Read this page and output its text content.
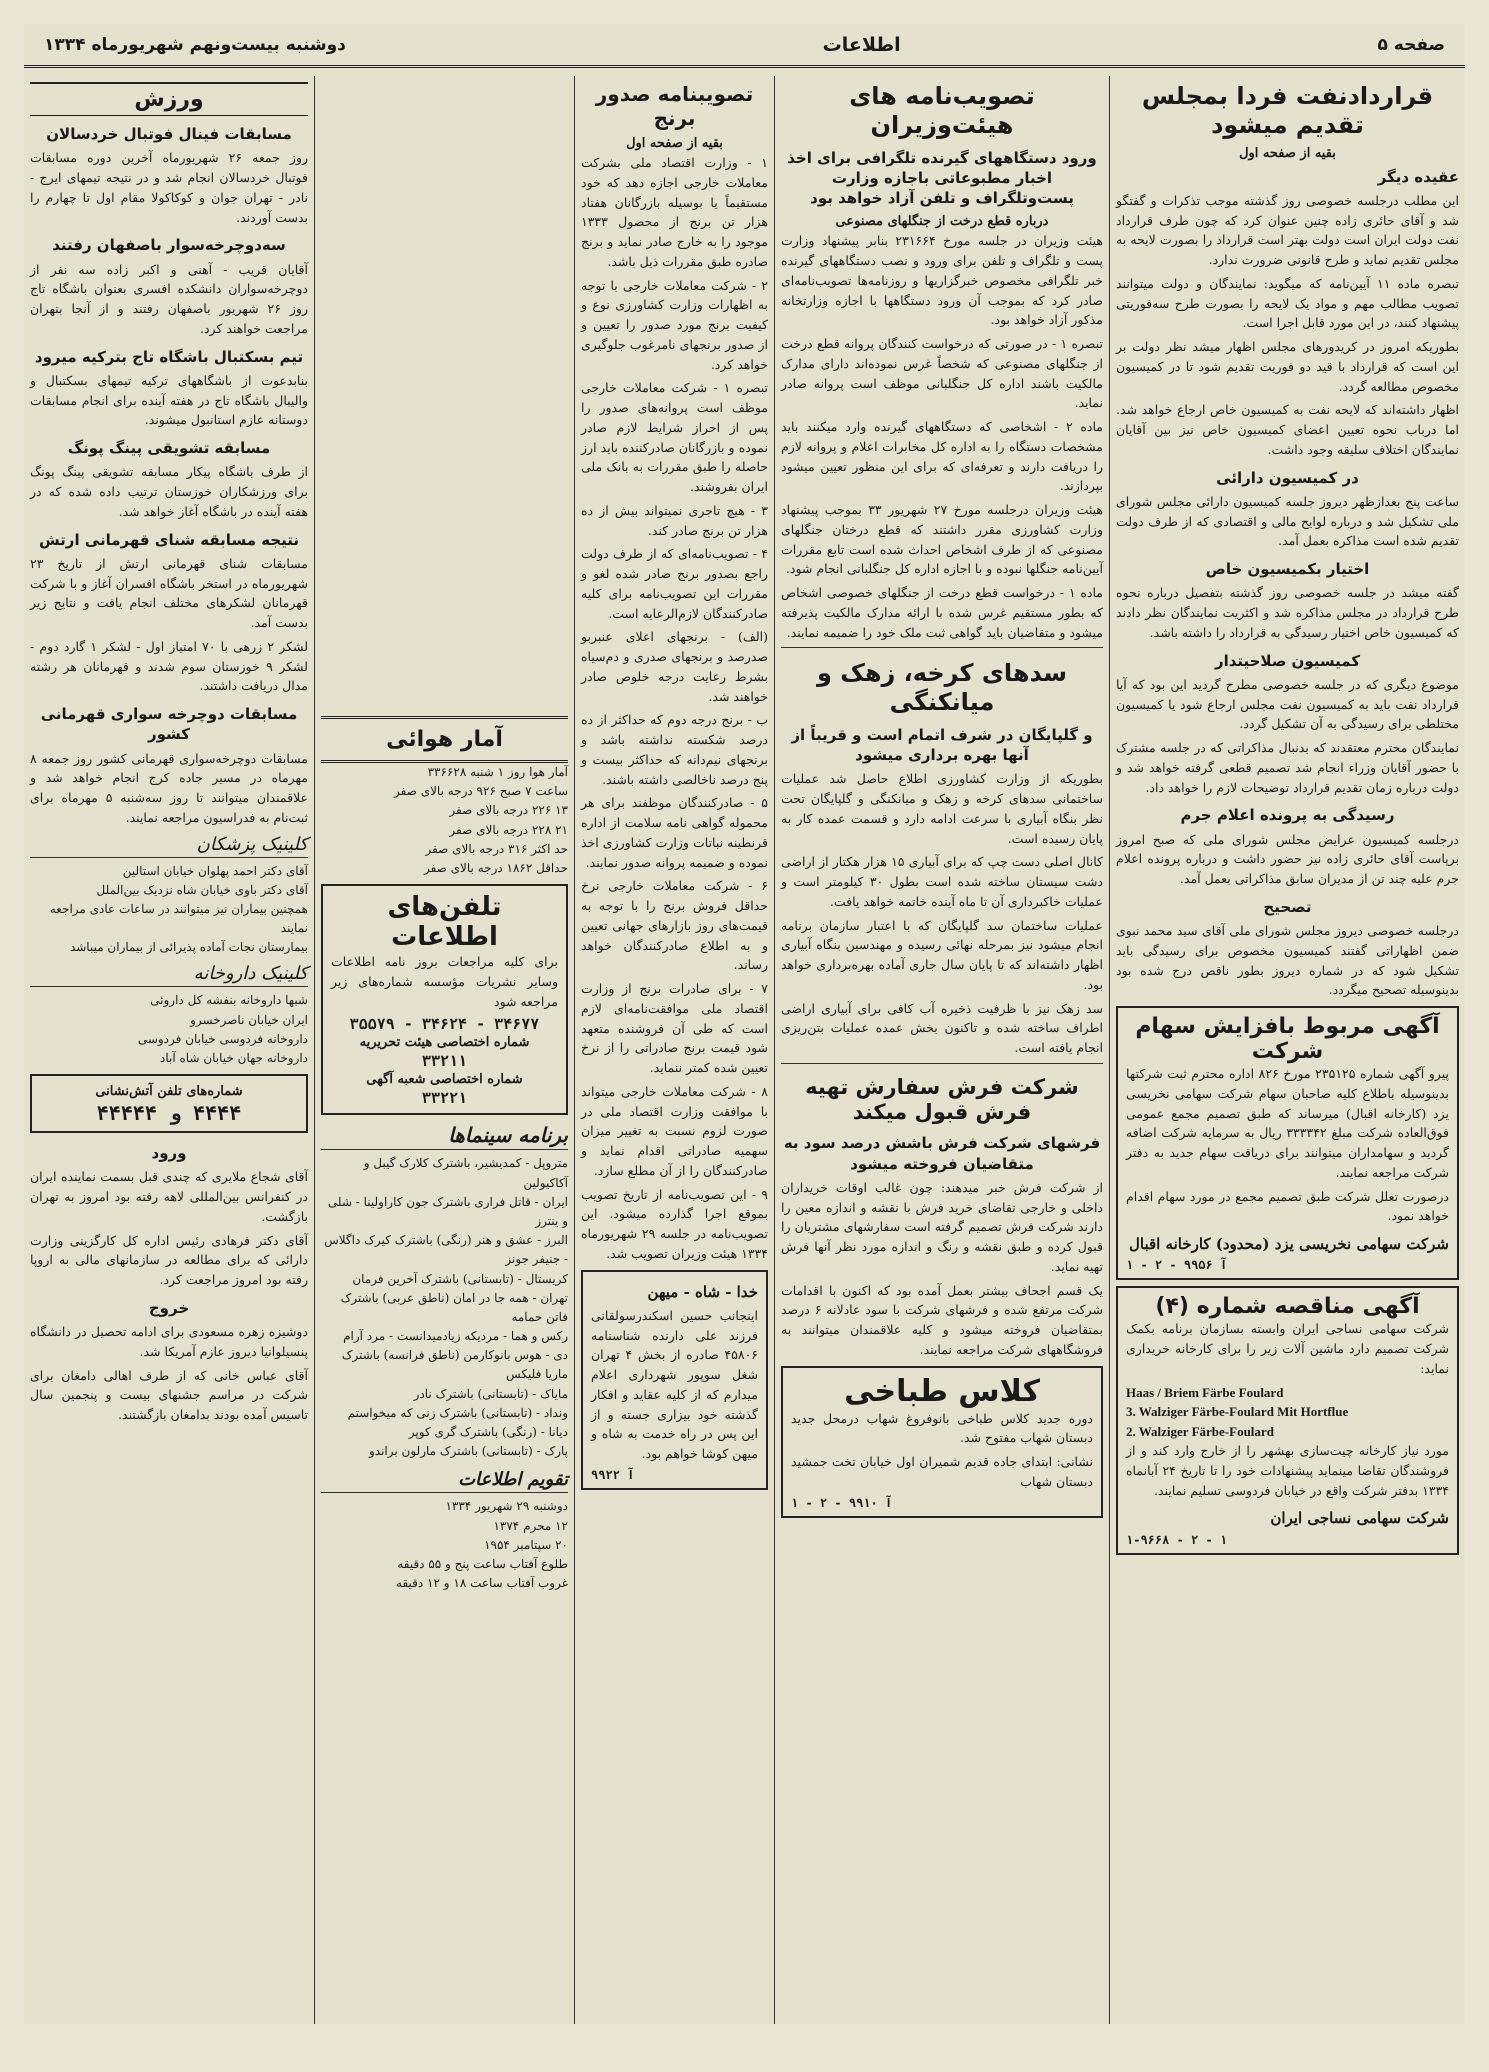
صفحه ۵
اطلاعات
دوشنبه بیست‌ونهم شهریورماه ۱۳۳۴
قراردادنفت فردا بمجلس تقدیم میشود
بقیه از صفحه اول
عقیده دیگر

این مطلب درجلسه خصوصی روز گذشته موجب تذکرات و گفتگو شد و آقای حائری زاده چنین عنوان کرد که چون طرف قرارداد نفت دولت ایران است دولت بهتر است قرارداد را بصورت لایحه به مجلس تقدیم نماید و طرح قانونی ضرورت ندارد.

تبصره ماده ۱۱ آیین‌نامه که میگوید: نمایندگان و دولت میتوانند تصویب مطالب مهم و مواد یک لایحه را بصورت طرح سه‌فوریتی پیشنهاد کنند، در این مورد قابل اجرا است.

بطوریکه امروز در کریدورهای مجلس اظهار میشد نظر دولت بر این است که قرارداد با قید دو فوریت تقدیم شود تا در کمیسیون مخصوص مطالعه گردد.

اظهار داشته‌اند که لایحه نفت به کمیسیون خاص ارجاع خواهد شد. اما درباب نحوه تعیین اعضای کمیسیون خاص نیز بین آقایان نمایندگان اختلاف سلیقه وجود داشت.

در کمیسیون دارائی

ساعت پنج بعدازظهر دیروز جلسه کمیسیون دارائی مجلس شورای ملی تشکیل شد و درباره لوایح مالی و اقتصادی که از طرف دولت تقدیم شده است مذاکره بعمل آمد.

اختیار بکمیسیون خاص

گفته میشد در جلسه خصوصی روز گذشته بتفصیل درباره نحوه طرح قرارداد در مجلس مذاکره شد و اکثریت نمایندگان نظر دادند که کمیسیون خاص اختیار رسیدگی به قرارداد را داشته باشد.

کمیسیون صلاحیتدار

موضوع دیگری که در جلسه خصوصی مطرح گردید این بود که آیا قرارداد نفت باید به کمیسیون نفت مجلس ارجاع شود یا کمیسیون مختلطی برای رسیدگی به آن تشکیل گردد.

نمایندگان محترم معتقدند که بدنبال مذاکراتی که در جلسه مشترک با حضور آقایان وزراء انجام شد تصمیم قطعی گرفته خواهد شد و دولت درباره زمان تقدیم قرارداد توضیحات لازم را خواهد داد.

رسیدگی به پرونده اعلام جرم

درجلسه کمیسیون عرایض مجلس شورای ملی که صبح امروز برپاست آقای حائری زاده نیز حضور داشت و درباره پرونده اعلام جرم علیه چند تن از مدیران سابق مذاکراتی بعمل آمد.

تصحیح

درجلسه خصوصی دیروز مجلس شورای ملی آقای سید محمد نبوی ضمن اظهاراتی گفتند کمیسیون مخصوص برای رسیدگی باید تشکیل شود که در شماره دیروز بطور ناقص درج شده بود بدینوسیله تصحیح میگردد.

آگهی مربوط بافزایش سهام شرکت

پیرو آگهی شماره ۲۳۵۱۲۵ مورخ ۸۲۶ اداره محترم ثبت شرکتها بدینوسیله باطلاع کلیه صاحبان سهام شرکت سهامی نخریسی یزد (کارخانه اقبال) میرساند که طبق تصمیم مجمع عمومی فوق‌العاده شرکت مبلغ ۳۳۳۳۴۲ ریال به سرمایه شرکت اضافه گردید و سهامداران میتوانند برای دریافت سهام جدید به دفتر شرکت مراجعه نمایند.

درصورت تعلل شرکت طبق تصمیم مجمع در مورد سهام اقدام خواهد نمود.

شرکت سهامی نخریسی یزد (محدود) کارخانه اقبال
آ ۹۹۵۶ - ۲ - ۱
آگهی مناقصه شماره (۴)

شرکت سهامی نساجی ایران وابسته بسازمان برنامه بکمک شرکت تصمیم دارد ماشین آلات زیر را برای کارخانه خریداری نماید:

Haas / Briem Färbe Foulard
3. Walziger Färbe-Foulard Mit Hortflue
2. Walziger Färbe-Foulard

مورد نیاز کارخانه چیت‌سازی بهشهر را از خارج وارد کند و از فروشندگان تقاضا مینماید پیشنهادات خود را تا تاریخ ۲۴ آبانماه ۱۳۳۴ بدفتر شرکت واقع در خیابان فردوسی تسلیم نمایند.

شرکت سهامی نساجی ایران
۱-۹۶۶۸ - ۲ - ۱
تصویب‌نامه های هیئت‌وزیران
ورود دستگاههای گیرنده تلگرافی برای اخذ اخبار مطبوعاتی باجازه وزارت پست‌وتلگراف و تلفن آزاد خواهد بود
درباره قطع درخت از جنگلهای مصنوعی

هیئت وزیران در جلسه مورخ ۲۳۱۶۶۴ بنابر پیشنهاد وزارت پست و تلگراف و تلفن برای ورود و نصب دستگاههای گیرنده خبر تلگرافی مخصوص خبرگزاریها و روزنامه‌ها تصویب‌نامه‌ای صادر کرد که بموجب آن ورود دستگاهها با اجازه وزارتخانه مذکور آزاد خواهد بود.

تبصره ۱ - در صورتی که درخواست کنندگان پروانه قطع درخت از جنگلهای مصنوعی که شخصاً غرس نموده‌اند دارای مدارک مالکیت باشند اداره کل جنگلبانی موظف است پروانه صادر نماید.

ماده ۲ - اشخاصی که دستگاههای گیرنده وارد میکنند باید مشخصات دستگاه را به اداره کل مخابرات اعلام و پروانه لازم را دریافت دارند و تعرفه‌ای که برای این منظور تعیین میشود بپردازند.

هیئت وزیران درجلسه مورخ ۲۷ شهریور ۳۳ بموجب پیشنهاد وزارت کشاورزی مقرر داشتند که قطع درختان جنگلهای مصنوعی که از طرف اشخاص احداث شده است تابع مقررات آیین‌نامه جنگلها نبوده و با اجازه اداره کل جنگلبانی انجام شود.

ماده ۱ - درخواست قطع درخت از جنگلهای خصوصی اشخاص که بطور مستقیم غرس شده با ارائه مدارک مالکیت پذیرفته میشود و متقاضیان باید گواهی ثبت ملک خود را ضمیمه نمایند.

سدهای کرخه، زهک و میانکنگی
و گلپایگان در شرف اتمام است و قریباً از آنها بهره برداری میشود

بطوریکه از وزارت کشاورزی اطلاع حاصل شد عملیات ساختمانی سدهای کرخه و زهک و میانکنگی و گلپایگان تحت نظر بنگاه آبیاری با سرعت ادامه دارد و قسمت عمده کار به پایان رسیده است.

کانال اصلی دست چپ که برای آبیاری ۱۵ هزار هکتار از اراضی دشت سیستان ساخته شده است بطول ۳۰ کیلومتر است و عملیات خاکبرداری آن تا ماه آینده خاتمه خواهد یافت.

عملیات ساختمان سد گلپایگان که با اعتبار سازمان برنامه انجام میشود نیز بمرحله نهائی رسیده و مهندسین بنگاه آبیاری اظهار داشته‌اند که تا پایان سال جاری آماده بهره‌برداری خواهد بود.

سد زهک نیز با ظرفیت ذخیره آب کافی برای آبیاری اراضی اطراف ساخته شده و تاکنون بخش عمده عملیات بتن‌ریزی انجام یافته است.

شرکت فرش سفارش تهیه فرش قبول میکند
فرشهای شرکت فرش باشش درصد سود به متقاضیان فروخته میشود

از شرکت فرش خبر میدهند: چون غالب اوقات خریداران داخلی و خارجی تقاضای خرید فرش با نقشه و اندازه معین را دارند شرکت فرش تصمیم گرفته است سفارشهای مشتریان را قبول کرده و طبق نقشه و رنگ و اندازه مورد نظر آنها فرش تهیه نماید.

یک قسم اجحاف بیشتر بعمل آمده بود که اکنون با اقدامات شرکت مرتفع شده و فرشهای شرکت با سود عادلانه ۶ درصد بمتقاضیان فروخته میشود و کلیه علاقمندان میتوانند به فروشگاههای شرکت مراجعه نمایند.

کلاس طباخی

دوره جدید کلاس طباخی بانوفروغ شهاب درمحل جدید دبستان شهاب مفتوح شد.

نشانی: ابتدای جاده قدیم شمیران اول خیابان تخت جمشید دبستان شهاب

آ ۹۹۱۰ - ۲ - ۱
تصویبنامه صدور برنج
بقیه از صفحه اول

۱ - وزارت اقتصاد ملی بشرکت معاملات خارجی اجازه دهد که خود مستقیماً یا بوسیله بازرگانان هفتاد هزار تن برنج از محصول ۱۳۳۳ موجود را به خارج صادر نماید و برنج صادره طبق مقررات ذیل باشد.

۲ - شرکت معاملات خارجی با توجه به اظهارات وزارت کشاورزی نوع و کیفیت برنج مورد صدور را تعیین و از صدور برنجهای نامرغوب جلوگیری خواهد کرد.

تبصره ۱ - شرکت معاملات خارجی موظف است پروانه‌های صدور را پس از احراز شرایط لازم صادر نموده و بازرگانان صادرکننده باید ارز حاصله را طبق مقررات به بانک ملی ایران بفروشند.

۳ - هیچ تاجری نمیتواند بیش از ده هزار تن برنج صادر کند.

۴ - تصویب‌نامه‌ای که از طرف دولت راجع بصدور برنج صادر شده لغو و مقررات این تصویب‌نامه برای کلیه صادرکنندگان لازم‌الرعایه است.

(الف) - برنجهای اعلای عنبربو صدرصد و برنجهای صدری و دم‌سیاه بشرط رعایت درجه خلوص صادر خواهند شد.

ب - برنج درجه دوم که حداکثر از ده درصد شکسته نداشته باشد و برنجهای نیم‌دانه که حداکثر بیست و پنج درصد ناخالصی داشته باشند.

۵ - صادرکنندگان موظفند برای هر محموله گواهی نامه سلامت از اداره قرنطینه نباتات وزارت کشاورزی اخذ نموده و ضمیمه پروانه صدور نمایند.

۶ - شرکت معاملات خارجی نرخ حداقل فروش برنج را با توجه به قیمت‌های روز بازارهای جهانی تعیین و به اطلاع صادرکنندگان خواهد رساند.

۷ - برای صادرات برنج از وزارت اقتصاد ملی موافقت‌نامه‌ای لازم است که طی آن فروشنده متعهد شود قیمت برنج صادراتی را از نرخ تعیین شده کمتر ننماید.

۸ - شرکت معاملات خارجی میتواند با موافقت وزارت اقتصاد ملی در صورت لزوم نسبت به تغییر میزان سهمیه صادراتی اقدام نماید و صادرکنندگان را از آن مطلع سازد.

۹ - این تصویب‌نامه از تاریخ تصویب بموقع اجرا گذارده میشود. این تصویب‌نامه در جلسه ۲۹ شهریورماه ۱۳۳۴ هیئت وزیران تصویب شد.

خدا - شاه - میهن

اینجانب حسین اسکندرسولقانی فرزند علی دارنده شناسنامه ۴۵۸۰۶ صادره از بخش ۴ تهران شغل سوپور شهرداری اعلام میدارم که از کلیه عقاید و افکار گذشته خود بیزاری جسته و از این پس در راه خدمت به شاه و میهن کوشا خواهم بود.

آ ۹۹۲۲
آمار هوائی
آمار هوا روز ۱ شنبه ۳۳۶۶۲۸
ساعت ۷ صبح ۹۲۶ درجه بالای صفر
۱۳ ۲۲۶ درجه بالای صفر
۲۱ ۲۲۸ درجه بالای صفر
حد اکثر ۳۱۶ درجه بالای صفر
حداقل ۱۸۶۲ درجه بالای صفر
تلفن‌های اطلاعات

برای کلیه مراجعات بروز نامه اطلاعات وسایر نشریات مؤسسه شماره‌های زیر مراجعه شود

۳۴۶۷۷ - ۳۴۶۲۴ - ۳۵۵۷۹
شماره اختصاصی هیئت تحریریه
۳۳۲۱۱
شماره اختصاصی شعبه آگهی
۳۳۲۲۱
برنامه سینماها
متروپل - کمدیشیر، باشترک کلارک گیبل و آکاکیولین
ایران - قاتل فراری باشترک جون کاراولینا - شلی و ینترز
البرز - عشق و هنر (رنگی) باشترک کیرک داگلاس - جنیفر جونز
کریستال - (تابستانی) باشترک آخرین فرمان
تهران - همه جا در امان (ناطق عربی) باشترک فاتن حمامه
رکس و هما - مردیکه زیادمیدانست - مرد آرام
دی - هوس بانوکارمن (ناطق فرانسه) باشترک ماریا فلیکس
مایاک - (تابستانی) باشترک نادر
ونداد - (تابستانی) باشترک زنی که میخواستم
دیانا - (رنگی) باشترک گری کوپر
پارک - (تابستانی) باشترک مارلون براندو
تقویم اطلاعات
دوشنبه ۲۹ شهریور ۱۳۳۴
۱۲ محرم ۱۳۷۴
۲۰ سپتامبر ۱۹۵۴
طلوع آفتاب ساعت پنج و ۵۵ دقیقه
غروب آفتاب ساعت ۱۸ و ۱۲ دقیقه
ورزش
مسابقات فینال فوتبال خردسالان

روز جمعه ۲۶ شهریورماه آخرین دوره مسابقات فوتبال خردسالان انجام شد و در نتیجه تیمهای ایرج - نادر - تهران جوان و کوکاکولا مقام اول تا چهارم را بدست آوردند.

سه‌دوچرخه‌سوار باصفهان رفتند

آقایان قریب - آهنی و اکبر زاده سه نفر از دوچرخه‌سواران دانشکده افسری بعنوان باشگاه تاج روز ۲۶ شهریور باصفهان رفتند و از آنجا بتهران مراجعت خواهند کرد.

تیم بسکتبال باشگاه تاج بترکیه میرود

بنابدعوت از باشگاههای ترکیه تیمهای بسکتبال و والیبال باشگاه تاج در هفته آینده برای انجام مسابقات دوستانه عازم استانبول میشوند.

مسابقه تشویقی پینگ پونگ

از طرف باشگاه پیکار مسابقه تشویقی پینگ پونگ برای ورزشکاران خوزستان ترتیب داده شده که در هفته آینده در باشگاه آغاز خواهد شد.

نتیجه مسابقه شنای قهرمانی ارتش

مسابقات شنای قهرمانی ارتش از تاریخ ۲۳ شهریورماه در استخر باشگاه افسران آغاز و با شرکت قهرمانان لشکرهای مختلف انجام یافت و نتایج زیر بدست آمد.

لشکر ۲ زرهی با ۷۰ امتیاز اول - لشکر ۱ گارد دوم - لشکر ۹ خوزستان سوم شدند و قهرمانان هر رشته مدال دریافت داشتند.

مسابقات دوچرخه سواری قهرمانی کشور

مسابقات دوچرخه‌سواری قهرمانی کشور روز جمعه ۸ مهرماه در مسیر جاده کرج انجام خواهد شد و علاقمندان میتوانند تا روز سه‌شنبه ۵ مهرماه برای ثبت‌نام به فدراسیون مراجعه نمایند.

کلینیک پزشکان
آقای دکتر احمد پهلوان خیابان استالین
آقای دکتر باوی خیابان شاه نزدیک بین‌الملل
همچنین بیماران نیز میتوانند در ساعات عادی مراجعه نمایند
بیمارستان نجات آماده پذیرائی از بیماران میباشد
کلینیک داروخانه
شبها داروخانه بنفشه کل داروئی
ایران خیابان ناصرخسرو
داروخانه فردوسی خیابان فردوسی
داروخانه جهان خیابان شاه آباد
شماره‌های تلفن آتش‌نشانی
۴۴۴۴ و ۴۴۴۴۴
ورود

آقای شجاع ملایری که چندی قبل بسمت نماینده ایران در کنفرانس بین‌المللی لاهه رفته بود امروز به تهران بازگشت.

آقای دکتر فرهادی رئیس اداره کل کارگزینی وزارت دارائی که برای مطالعه در سازمانهای مالی به اروپا رفته بود امروز مراجعت کرد.

خروج

دوشیزه زهره مسعودی برای ادامه تحصیل در دانشگاه پنسیلوانیا دیروز عازم آمریکا شد.

آقای عباس خانی که از طرف اهالی دامغان برای شرکت در مراسم جشنهای بیست و پنجمین سال تاسیس آمده بودند بدامغان بازگشتند.
